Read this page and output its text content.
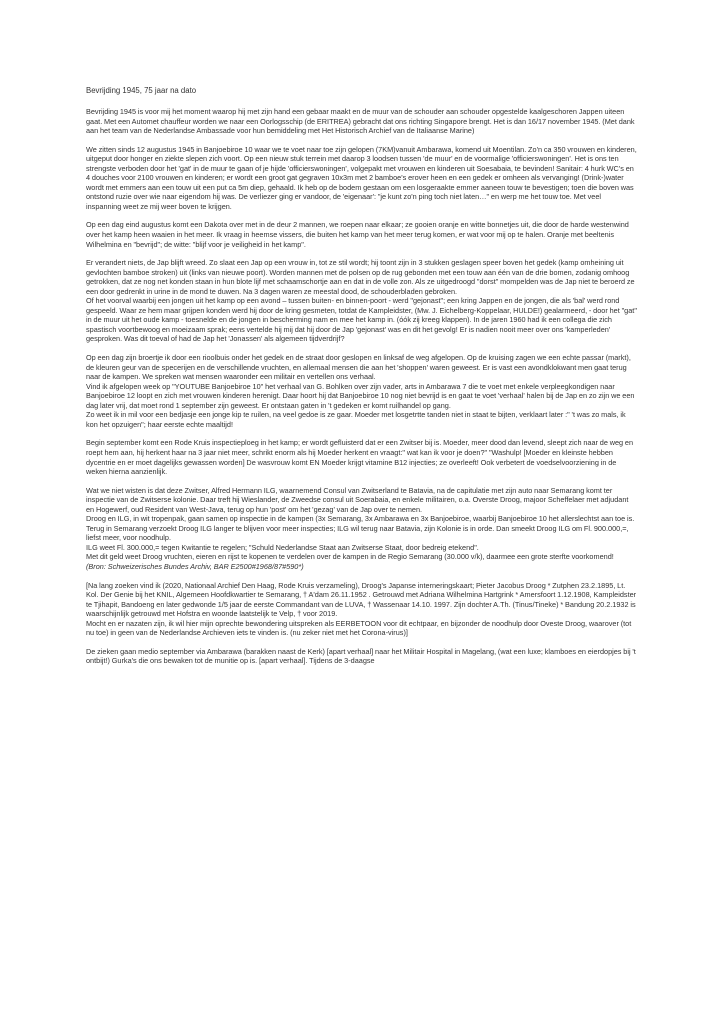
Bevrijding 1945, 75 jaar na dato

Bevrijding 1945 is voor mij het moment waarop hij met zijn hand een gebaar maakt en de muur van de schouder aan schouder opgestelde kaalgeschoren Jappen uiteen gaat. Met een Automet chauffeur worden we naar een Oorlogsschip (de ERITREA) gebracht dat ons richting Singapore brengt. Het is dan 16/17 november 1945. (Met dank aan het team van de Nederlandse Ambassade voor hun bemiddeling met Het Historisch Archief van de Italiaanse Marine)

We zitten sinds 12 augustus 1945 in Banjoebiroe 10 waar we te voet naar toe zijn gelopen (7KM)vanuit Ambarawa, komend uit Moentilan. Zo'n ca 350 vrouwen en kinderen, uitgeput door honger en ziekte slepen zich voort. Op een nieuw stuk terrein met daarop 3 loodsen tussen 'de muur' en de voormalige 'officierswoningen'. Het is ons ten strengste verboden door het 'gat' in de muur te gaan of je hijde 'officierswoningen', volgepakt met vrouwen en kinderen uit Soesabaia, te bevinden! Sanitair: 4 hurk WC's en 4 douches voor 2100 vrouwen en kinderen; er wordt een groot gat gegraven 10x3m met 2 bamboe's erover heen en een gedek er omheen als vervanging! (Drink-)water wordt met emmers aan een touw uit een put ca 5m diep, gehaald. Ik heb op de bodem gestaan om een losgeraakte emmer aaneen touw te bevestigen; toen die boven was ontstond ruzie over wie naar eigendom hij was. De verliezer ging er vandoor, de 'eigenaar': "je kunt zo'n ping toch niet laten…" en werp me het touw toe. Met veel inspanning weet ze mij weer boven te krijgen.

Op een dag eind augustus komt een Dakota over met in de deur 2 mannen, we roepen naar elkaar; ze gooien oranje en witte bonnetjes uit, die door de harde westenwind over het kamp heen waaien in het meer. Ik vraag in heemse vissers, die buiten het kamp van het meer terug komen, er wat voor mij op te halen. Oranje met beeltenis Wilhelmina en "bevrijd"; de witte: "blijf voor je veiligheid in het kamp".

Er verandert niets, de Jap blijft wreed. Zo slaat een Jap op een vrouw in, tot ze stil wordt; hij toont zijn in 3 stukken geslagen speer boven het gedek (kamp omheining uit gevlochten bamboe stroken) uit (links van nieuwe poort). Worden mannen met de polsen op de rug gebonden met een touw aan één van de drie bomen, zodanig omhoog getrokken, dat ze nog net konden staan in hun blote lijf met schaamschortje aan en dat in de volle zon. Als ze uitgedroogd "dorst" mompelden was de Jap niet te beroerd ze een door gedrenkt in urine in de mond te duwen. Na 3 dagen waren ze meestal dood, de schouderbladen gebroken.

Of het voorval waarbij een jongen uit het kamp op een avond – tussen buiten- en binnen-poort - werd "gejonast"; een kring Jappen en de jongen, die als 'bal' werd rond gespeeld. Waar ze hem maar grijpen konden werd hij door de kring gesmeten, totdat de Kampleidster, (Mw. J. Eichelberg-Koppelaar, HULDE!) gealarmeerd, - door het "gat" in de muur uit het oude kamp - toesnelde en de jongen in bescherming nam en mee het kamp in. (óók zij kreeg klappen). In de jaren 1960 had ik een collega die zich spastisch voortbewoog en moeizaam sprak; eens vertelde hij mij dat hij door de Jap 'gejonast' was en dit het gevolg! Er is nadien nooit meer over ons 'kamperleden' gesproken. Was dit toeval of had de Jap het 'Jonassen' als algemeen tijdverdrijf?

Op een dag zijn broertje ik door een rioolbuis onder het gedek en de straat door geslopen en linksaf de weg afgelopen. Op de kruising zagen we een echte passar (markt), de kleuren geur van de specerijen en de verschillende vruchten, en allemaal mensen die aan het 'shoppen' waren geweest. Er is vast een avondklokwant men gaat terug naar de kampen. We spreken wat mensen waaronder een militair en vertellen ons verhaal.

Vind ik afgelopen week op "YOUTUBE Banjoebiroe 10" het verhaal van G. Bohlken over zijn vader, arts in Ambarawa 7 die te voet met enkele verpleegkondigen naar Banjoebiroe 12 loopt en zich met vrouwen kinderen herenigt. Daar hoort hij dat Banjoebiroe 10 nog niet bevrijd is en gaat te voet 'verhaal' halen bij de Jap en zo zijn we een dag later vrij, dat moet rond 1 september zijn geweest. Er ontstaan gaten in 't gedeken er komt ruilhandel op gang.

Zo weet ik in mil voor een bedjasje een jonge kip te ruilen, na veel gedoe is ze gaar. Moeder met losgetrtte tanden niet in staat te bijten, verklaart later :" 't was zo mals, ik kon het opzuigen"; haar eerste echte maaltijd!

Begin september komt een Rode Kruis inspectieploeg in het kamp; er wordt gefluisterd dat er een Zwitser bij is. Moeder, meer dood dan levend, sleept zich naar de weg en roept hem aan, hij herkent haar na 3 jaar niet meer, schrikt enorm als hij Moeder herkent en vraagt:" wat kan ik voor je doen?" "Washulp! [Moeder en kleinste hebben dycentrie en er moet dagelijks gewassen worden] De wasvrouw komt EN Moeder krijgt vitamine B12 injecties; ze overleeft! Ook verbetert de voedselvoorziening in de weken hierna aanzienlijk.

Wat we niet wisten is dat deze Zwitser, Alfred Hermann ILG, waarnemend Consul van Zwitserland te Batavia, na de capitulatie met zijn auto naar Semarang komt ter inspectie van de Zwitserse kolonie. Daar treft hij Wieslander, de Zweedse consul uit Soerabaia, en enkele militairen, o.a. Overste Droog, majoor Scheffelaer met adjudant en Hogewerf, oud Resident van West-Java, terug op hun 'post' om het 'gezag' van de Jap over te nemen.

Droog en ILG, in wit tropenpak, gaan samen op inspectie in de kampen (3x Semarang, 3x Ambarawa en 3x Banjoebiroe, waarbij Banjoebiroe 10 het allerslechtst aan toe is.

Terug in Semarang verzoekt Droog ILG langer te blijven voor meer inspecties; ILG wil terug naar Batavia, zijn Kolonie is in orde. Dan smeekt Droog ILG om Fl. 900.000,=, liefst meer, voor noodhulp.

ILG weet Fl. 300.000,= tegen Kwitantie te regelen; "Schuld Nederlandse Staat aan Zwitserse Staat, door bedreig etekend".

Met dit geld weet Droog vruchten, eieren en rijst te kopenen te verdelen over de kampen in de Regio Semarang (30.000 v/k), daarmee een grote sterfte voorkomend!

(Bron: Schweizerisches Bundes Archiv, BAR E2500#1968/87#590*)

[Na lang zoeken vind ik (2020, Nationaal Archief Den Haag, Rode Kruis verzameling), Droog's Japanse interneringskaart; Pieter Jacobus Droog * Zutphen 23.2.1895, Lt. Kol. Der Genie bij het KNIL, Algemeen Hoofdkwartier te Semarang, † A'dam 26.11.1952 . Getrouwd met Adriana Wilhelmina Hartgrink * Amersfoort 1.12.1908, Kampleidster te Tjihapit, Bandoeng en later gedwonde 1/5 jaar de eerste Commandant van de LUVA, † Wassenaar 14.10. 1997. Zijn dochter A.Th. (Tinus/Tineke) * Bandung 20.2.1932 is waarschijnlijk getrouwd met Hofstra en woonde laatstelijk te Velp, † voor 2019.

Mocht en er nazaten zijn, ik wil hier mijn oprechte bewondering uitspreken als EERBETOON voor dit echtpaar, en bijzonder de noodhulp door Oveste Droog, waarover (tot nu toe) in geen van de Nederlandse Archieven iets te vinden is. (nu zeker niet met het Corona-virus)]

De zieken gaan medio september via Ambarawa (barakken naast de Kerk) [apart verhaal] naar het Militair Hospital in Magelang, (wat een luxe; klamboes en eierdopjes bij 't ontbijt!) Gurka's die ons bewaken tot de munitie op is. [apart verhaal]. Tijdens de 3-daagse
